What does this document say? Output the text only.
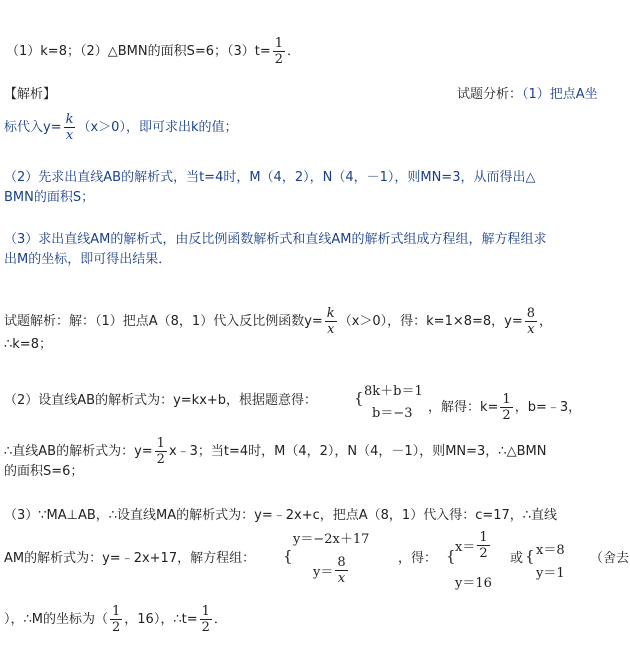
（1）k=8；（2）△BMN的面积S=6；$(3)t= \frac{1}{2}$ ．
【解析】	试题分析：（1）把点A坐
标代入$y= \frac{k}{x} (x>0)$，即可求出k的值；
（2）先求出直线AB的解析式，当t=4时，M（4，2），N（4，－1），则MN=3，从而得出△
BMN的面积S；
（3）求出直线AM的解析式，由反比例函数解析式和直线AM的解析式组成方程组，解方程组求
出M的坐标，即可得出结果．
试题解析：解：（1）把点A（8，1）代入反比例函数$y= \frac{k}{x} (x>0)$，得：k=1×8=8，$y= \frac{8}{x}$ ，
∴k=8；
（2）设直线AB的解析式为：y=kx+b，根据题意得： { 8k＋b＝1
b＝−3 ，解得：$k= \frac{1}{2}$ ，b=﹣3，
∴直线AB的解析式为：$y= \frac{1}{2}$ x﹣3；当t=4时，M（4，2），N（4，－1），则MN=3，∴△BMN
的面积S=6；
（3）∵MA⊥AB，∴设直线MA的解析式为：y=﹣2x+c，把点A（8，1）代入得：c=17，∴直线
AM的解析式为：y=﹣2x+17，解方程组： {
y＝−2x＋17
$y= \frac{8}{x}$	，得： { $x= \frac{1}{2}$
y＝16
或 { x＝8
y＝1
（舍去
），∴M的坐标为（ $\frac{1}{2}$ ，16），∴t= $\frac{1}{2}$ ．
